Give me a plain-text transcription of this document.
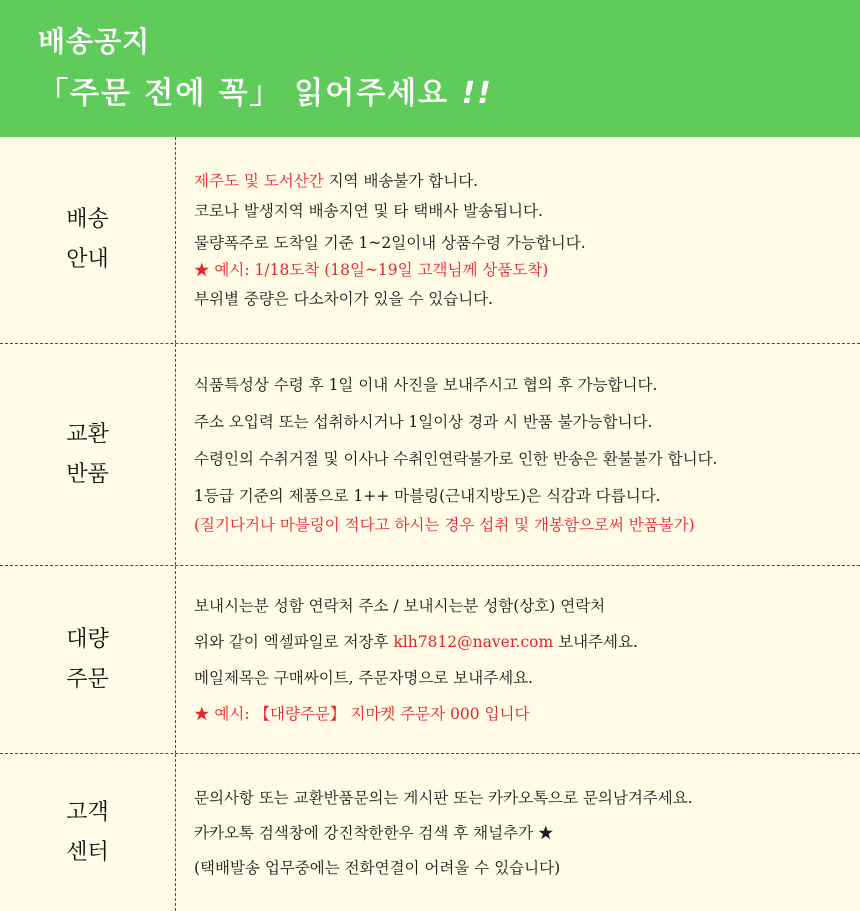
배송공지
「주문 전에 꼭」 읽어주세요 !!
배송
안내
제주도 및 도서산간 지역 배송불가 합니다.
코로나 발생지역 배송지연 및 타 택배사 발송됩니다.
물량폭주로 도착일 기준 1~2일이내 상품수령 가능합니다.
★ 예시: 1/18도착 (18일~19일 고객님께 상품도착)
부위별 중량은 다소차이가 있을 수 있습니다.
교환
반품
식품특성상 수령 후 1일 이내 사진을 보내주시고 협의 후 가능합니다.
주소 오입력 또는 섭취하시거나 1일이상 경과 시 반품 불가능합니다.
수령인의 수취거절 및 이사나 수취인연락불가로 인한 반송은 환불불가 합니다.
1등급 기준의 제품으로 1++ 마블링(근내지방도)은 식감과 다릅니다.
(질기다거나 마블링이 적다고 하시는 경우 섭취 및 개봉함으로써 반품불가)
대량
주문
보내시는분 성함 연락처 주소 / 보내시는분 성함(상호) 연락처
위와 같이 엑셀파일로 저장후 klh7812@naver.com 보내주세요.
메일제목은 구매싸이트, 주문자명으로 보내주세요.
★ 예시: 【대량주문】 지마켓 주문자 000 입니다
고객
센터
문의사항 또는 교환반품문의는 게시판 또는 카카오톡으로 문의남겨주세요.
카카오톡 검색창에 강진착한한우 검색 후 채널추가 ★
(택배발송 업무중에는 전화연결이 어려울 수 있습니다)
